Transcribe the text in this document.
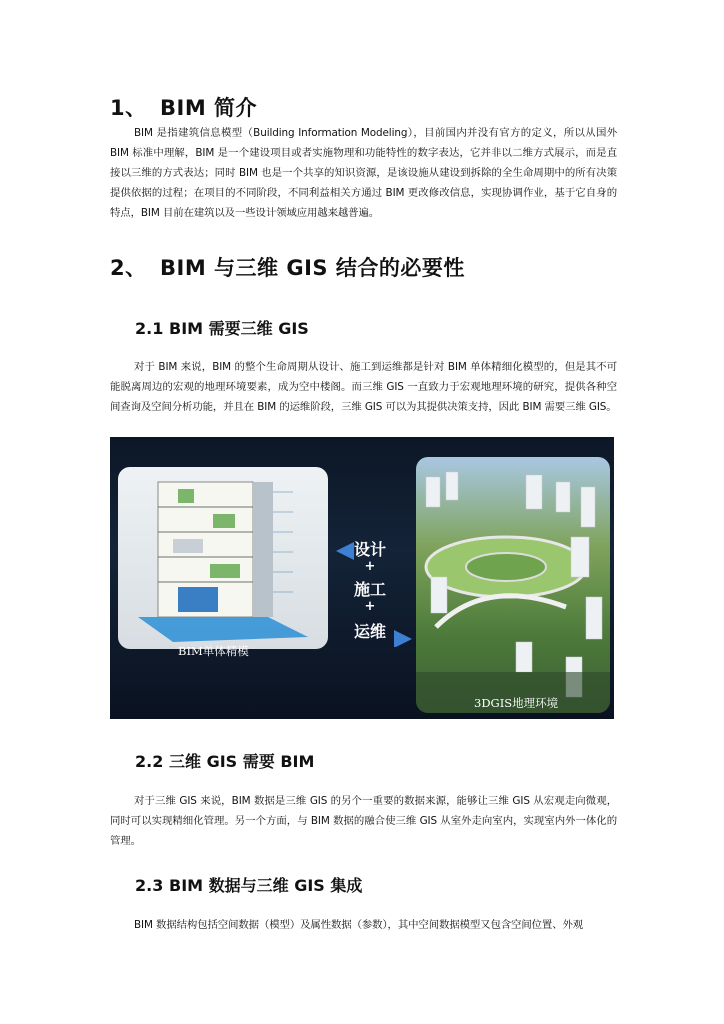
1、 BIM 简介
BIM 是指建筑信息模型（Building Information Modeling），目前国内并没有官方的定义，所以从国外 BIM 标准中理解，BIM 是一个建设项目或者实施物理和功能特性的数字表达，它并非以二维方式展示，而是直接以三维的方式表达；同时 BIM 也是一个共享的知识资源，是该设施从建设到拆除的全生命周期中的所有决策提供依据的过程；在项目的不同阶段，不同利益相关方通过 BIM 更改修改信息，实现协调作业，基于它自身的特点，BIM 目前在建筑以及一些设计领域应用越来越普遍。
2、 BIM 与三维 GIS 结合的必要性
2.1 BIM 需要三维 GIS
对于 BIM 来说，BIM 的整个生命周期从设计、施工到运维都是针对 BIM 单体精细化模型的，但是其不可能脱离周边的宏观的地理环境要素，成为空中楼阁。而三维 GIS 一直致力于宏观地理环境的研究，提供各种空间查询及空间分析功能，并且在 BIM 的运维阶段，三维 GIS 可以为其提供决策支持，因此 BIM 需要三维 GIS。
BIM单体精模
设计
+
施工
+
运维
3DGIS地理环境
2.2 三维 GIS 需要 BIM
对于三维 GIS 来说，BIM 数据是三维 GIS 的另个一重要的数据来源，能够让三维 GIS 从宏观走向微观，同时可以实现精细化管理。另一个方面，与 BIM 数据的融合使三维 GIS 从室外走向室内，实现室内外一体化的管理。
2.3 BIM 数据与三维 GIS 集成
BIM 数据结构包括空间数据（模型）及属性数据（参数），其中空间数据模型又包含空间位置、外观
